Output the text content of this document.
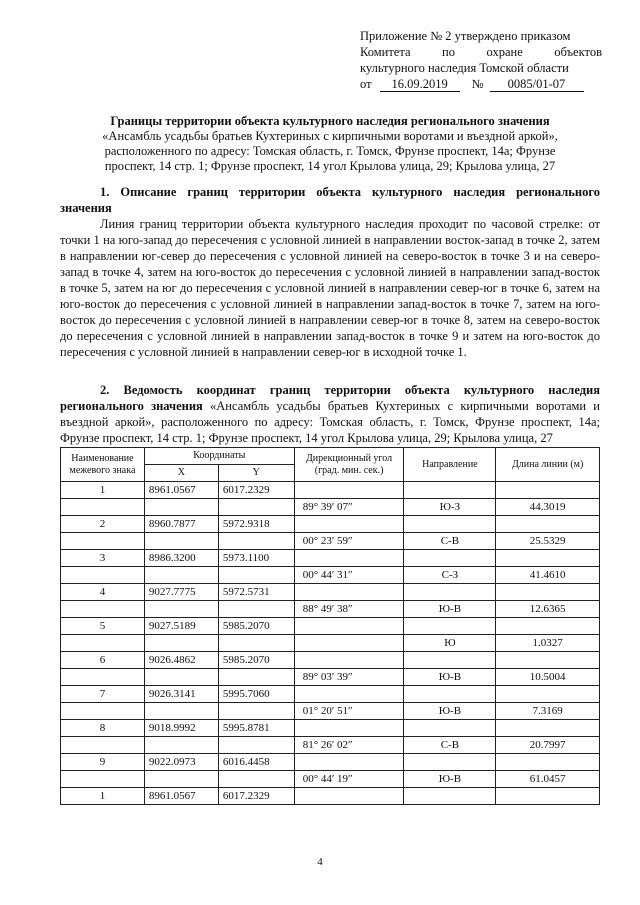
Приложение № 2 утверждено приказом
Комитета	по	охране	объектов
культурного наследия Томской области
от	16.09.2019	№	0085/01-07
Границы территории объекта культурного наследия регионального значения
«Ансамбль усадьбы братьев Кухтериных с кирпичными воротами и въездной аркой»,
расположенного по адресу: Томская область, г. Томск, Фрунзе проспект, 14а; Фрунзе
проспект, 14 стр. 1; Фрунзе проспект, 14 угол Крылова улица, 29; Крылова улица, 27
1. Описание границ территории объекта культурного наследия регионального
значения

Линия границ территории объекта культурного наследия проходит по часовой стрелке: от точки 1 на юго-запад до пересечения с условной линией в направлении восток-запад в точке 2, затем в направлении юг-север до пересечения с условной линией на северо-восток в точке 3 и на северо-запад в точке 4, затем на юго-восток до пересечения с условной линией в направлении запад-восток в точке 5, затем на юг до пересечения с условной линией в направлении север-юг в точке 6, затем на юго-восток до пересечения с условной линией в направлении запад-восток в точке 7, затем на юго-восток до пересечения с условной линией в направлении север-юг в точке 8, затем на северо-восток до пересечения с условной линией в направлении запад-восток в точке 9 и затем на юго-восток до пересечения с условной линией в направлении север-юг в исходной точке 1.

2. Ведомость координат границ территории объекта культурного наследия
регионального значения «Ансамбль усадьбы братьев Кухтериных с кирпичными воротами и въездной аркой», расположенного по адресу: Томская область, г. Томск, Фрунзе проспект, 14а; Фрунзе проспект, 14 стр. 1; Фрунзе проспект, 14 угол Крылова улица, 29; Крылова улица, 27
Наименование межевого знака	Координаты		Дирекционный угол (град. мин. сек.)	Направление	Длина линии (м)
	X	Y			
1	8961.0567	6017.2329			
			89° 39′ 07″	Ю-З	44.3019
2	8960.7877	5972.9318			
			00° 23′ 59″	С-В	25.5329
3	8986.3200	5973.1100			
			00° 44′ 31″	С-З	41.4610
4	9027.7775	5972.5731			
			88° 49′ 38″	Ю-В	12.6365
5	9027.5189	5985.2070			
				Ю	1.0327
6	9026.4862	5985.2070			
			89° 03′ 39″	Ю-В	10.5004
7	9026.3141	5995.7060			
			01° 20′ 51″	Ю-В	7.3169
8	9018.9992	5995.8781			
			81° 26′ 02″	С-В	20.7997
9	9022.0973	6016.4458			
			00° 44′ 19″	Ю-В	61.0457
1	8961.0567	6017.2329			
4
